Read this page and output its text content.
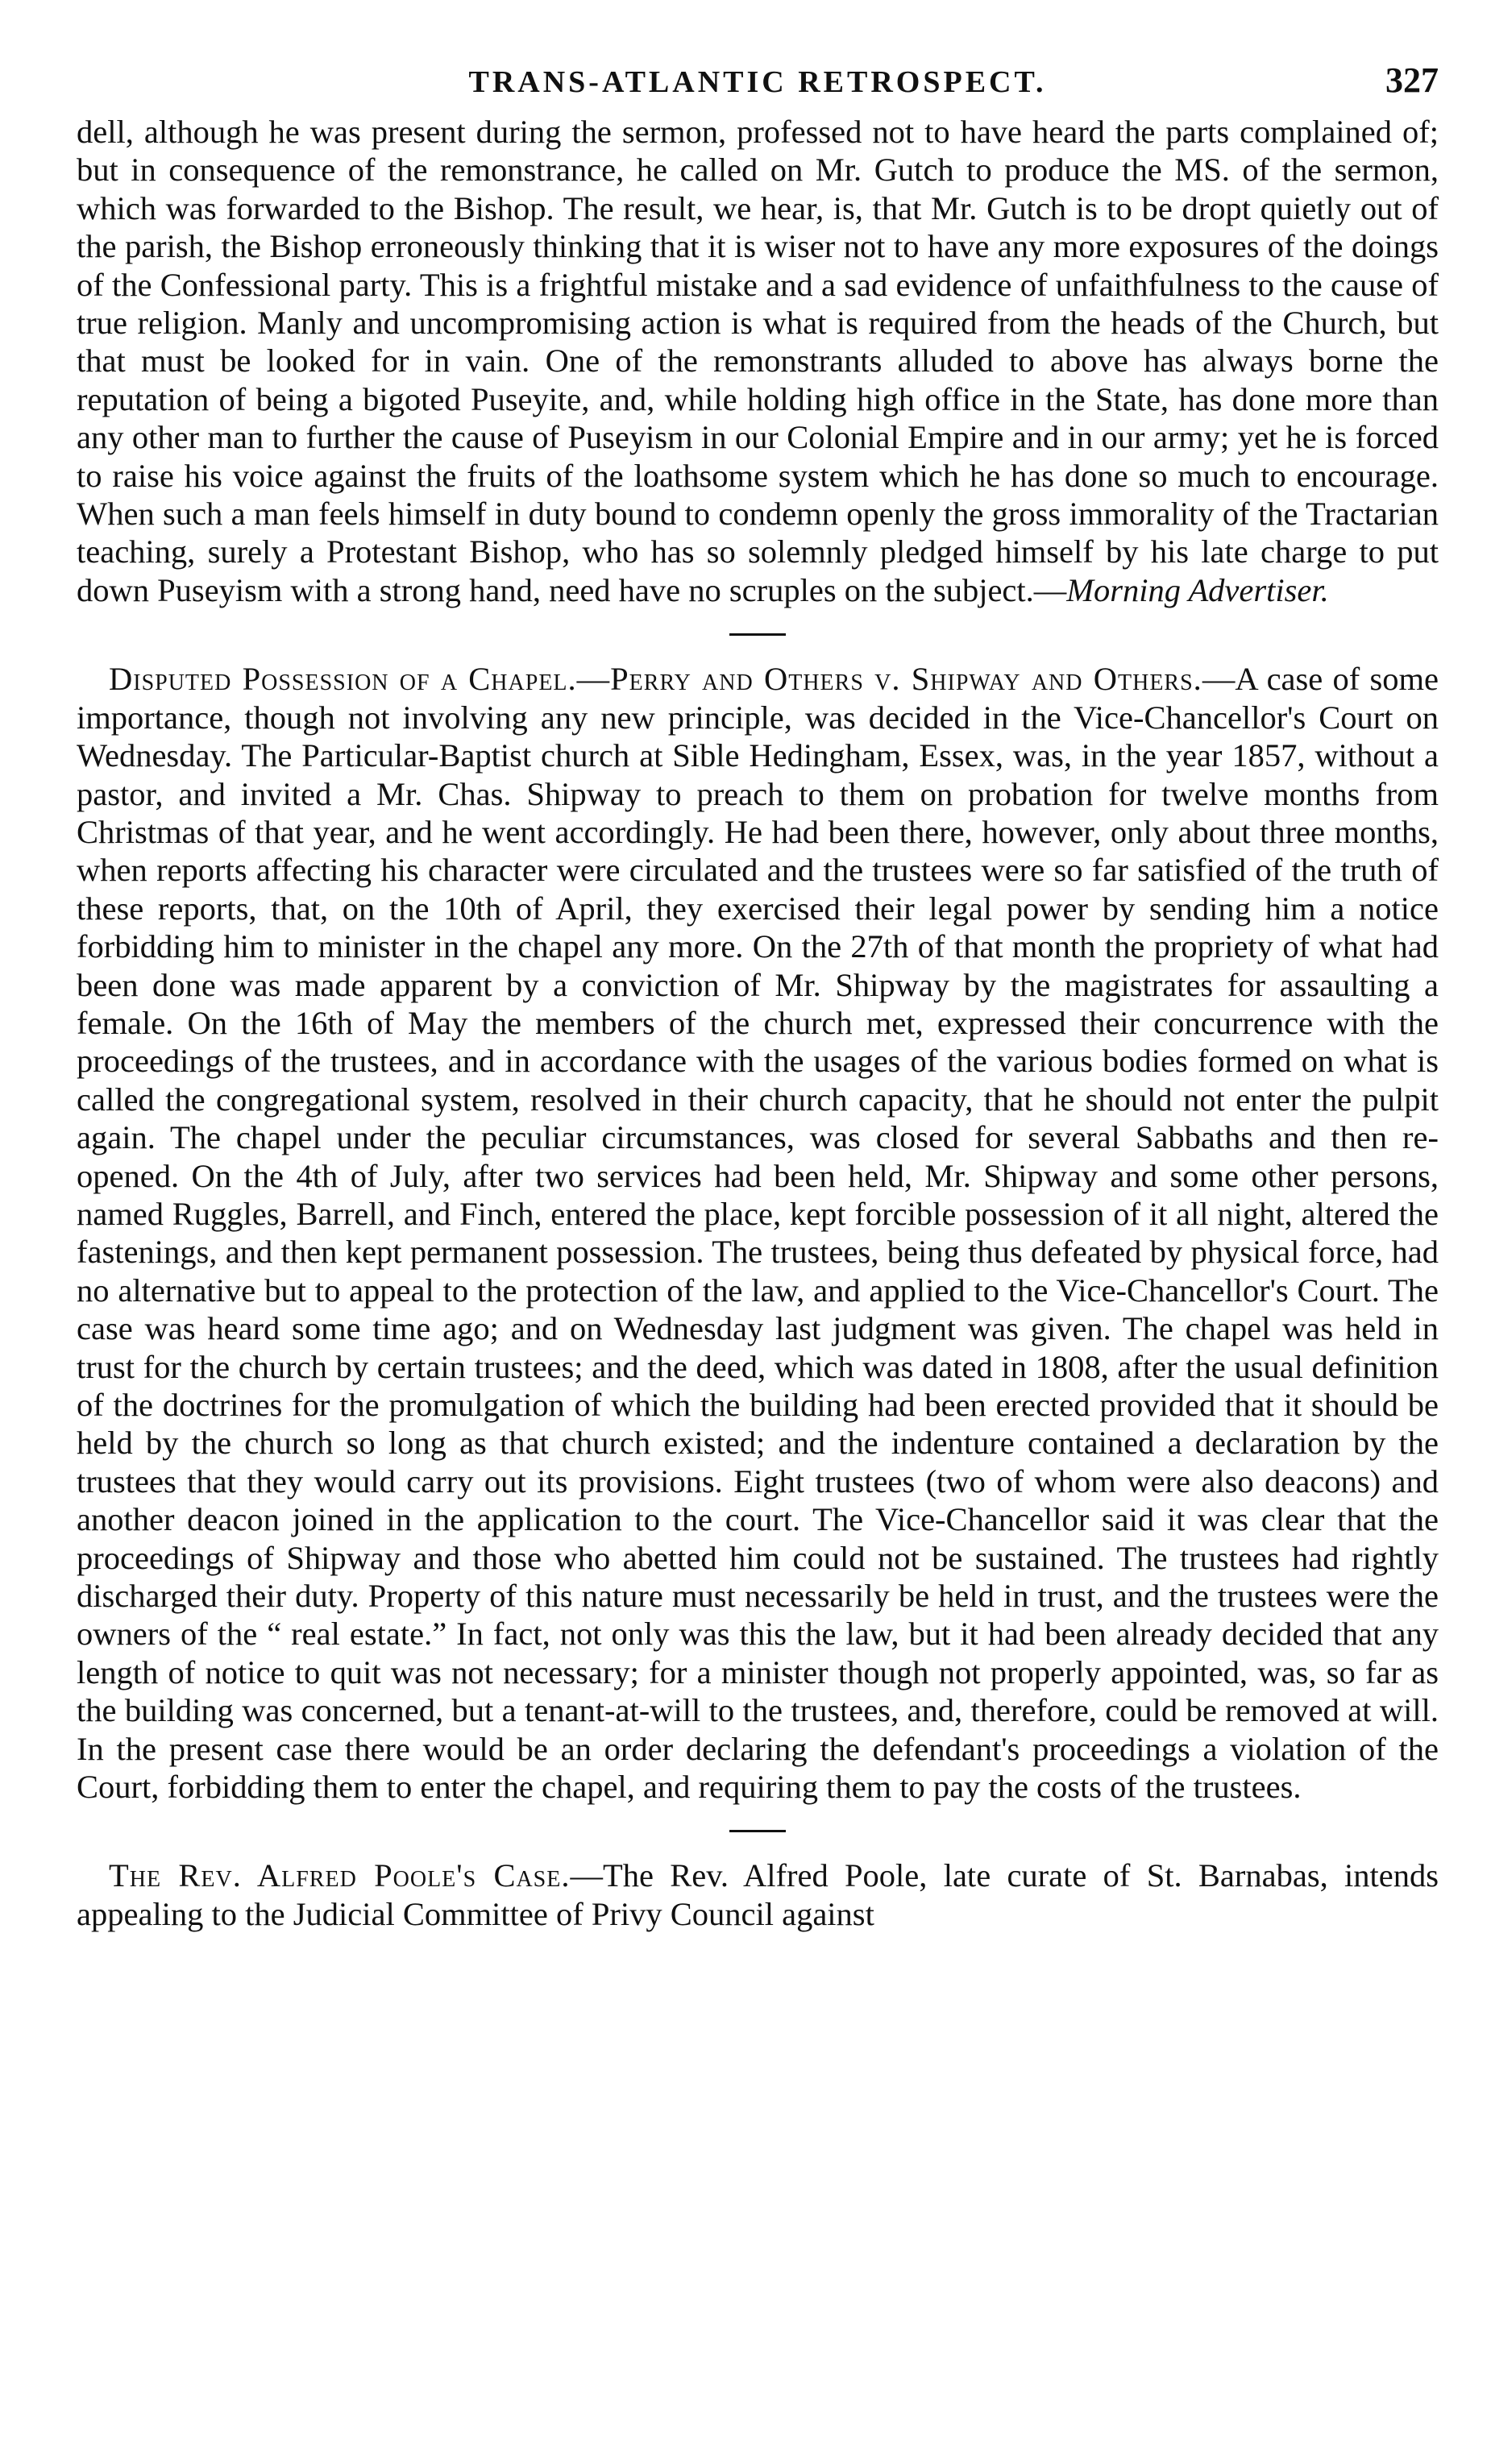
TRANS-ATLANTIC RETROSPECT.	327

dell, although he was present during the sermon, professed not to have heard the parts complained of; but in consequence of the remonstrance, he called on Mr. Gutch to produce the MS. of the sermon, which was forwarded to the Bishop. The result, we hear, is, that Mr. Gutch is to be dropt quietly out of the parish, the Bishop erroneously thinking that it is wiser not to have any more exposures of the doings of the Confessional party. This is a frightful mistake and a sad evidence of unfaithfulness to the cause of true religion. Manly and uncompromising action is what is required from the heads of the Church, but that must be looked for in vain. One of the remonstrants alluded to above has always borne the reputation of being a bigoted Puseyite, and, while holding high office in the State, has done more than any other man to further the cause of Puseyism in our Colonial Empire and in our army; yet he is forced to raise his voice against the fruits of the loathsome system which he has done so much to encourage. When such a man feels himself in duty bound to condemn openly the gross immorality of the Tractarian teaching, surely a Protestant Bishop, who has so solemnly pledged himself by his late charge to put down Puseyism with a strong hand, need have no scruples on the subject.—Morning Advertiser.

Disputed Possession of a Chapel.—Perry and Others v. Shipway and Others.—A case of some importance, though not involving any new principle, was decided in the Vice-Chancellor's Court on Wednesday. The Particular-Baptist church at Sible Hedingham, Essex, was, in the year 1857, without a pastor, and invited a Mr. Chas. Shipway to preach to them on probation for twelve months from Christmas of that year, and he went accordingly. He had been there, however, only about three months, when reports affecting his character were circulated and the trustees were so far satisfied of the truth of these reports, that, on the 10th of April, they exercised their legal power by sending him a notice forbidding him to minister in the chapel any more. On the 27th of that month the propriety of what had been done was made apparent by a conviction of Mr. Shipway by the magistrates for assaulting a female. On the 16th of May the members of the church met, expressed their concurrence with the proceedings of the trustees, and in accordance with the usages of the various bodies formed on what is called the congregational system, resolved in their church capacity, that he should not enter the pulpit again. The chapel under the peculiar circumstances, was closed for several Sabbaths and then re-opened. On the 4th of July, after two services had been held, Mr. Shipway and some other persons, named Ruggles, Barrell, and Finch, entered the place, kept forcible possession of it all night, altered the fastenings, and then kept permanent possession. The trustees, being thus defeated by physical force, had no alternative but to appeal to the protection of the law, and applied to the Vice-Chancellor's Court. The case was heard some time ago; and on Wednesday last judgment was given. The chapel was held in trust for the church by certain trustees; and the deed, which was dated in 1808, after the usual definition of the doctrines for the promulgation of which the building had been erected provided that it should be held by the church so long as that church existed; and the indenture contained a declaration by the trustees that they would carry out its provisions. Eight trustees (two of whom were also deacons) and another deacon joined in the application to the court. The Vice-Chancellor said it was clear that the proceedings of Shipway and those who abetted him could not be sustained. The trustees had rightly discharged their duty. Property of this nature must necessarily be held in trust, and the trustees were the owners of the “ real estate.” In fact, not only was this the law, but it had been already decided that any length of notice to quit was not necessary; for a minister though not properly appointed, was, so far as the building was concerned, but a tenant-at-will to the trustees, and, therefore, could be removed at will. In the present case there would be an order declaring the defendant's proceedings a violation of the Court, forbidding them to enter the chapel, and requiring them to pay the costs of the trustees.

The Rev. Alfred Poole's Case.—The Rev. Alfred Poole, late curate of St. Barnabas, intends appealing to the Judicial Committee of Privy Council against
